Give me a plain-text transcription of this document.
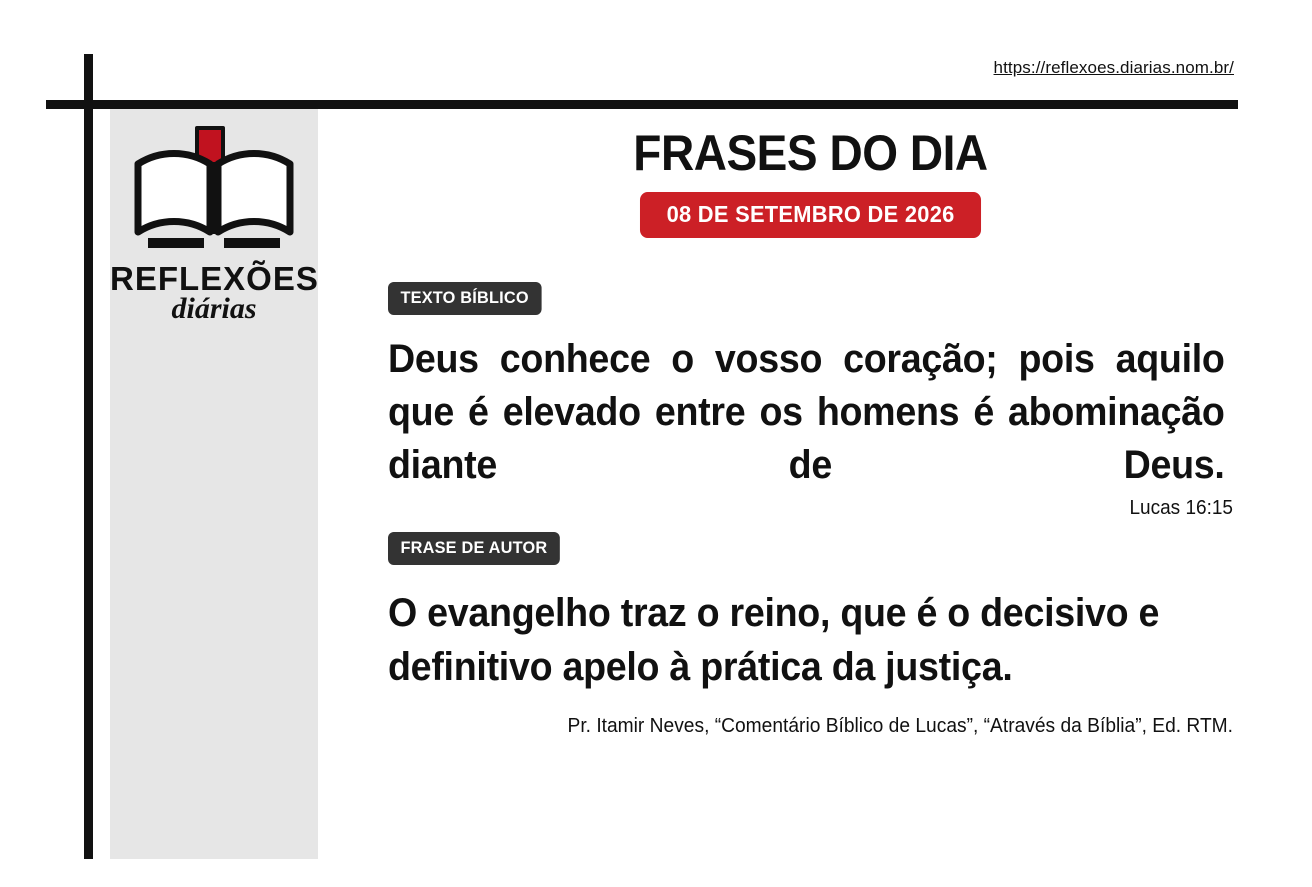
https://reflexoes.diarias.nom.br/
REFLEXÕES
diárias
FRASES DO DIA
08 DE SETEMBRO DE 2026
TEXTO BÍBLICO
Deus conhece o vosso coração; pois aquilo que é elevado entre os homens é abominação diante de Deus.
Lucas 16:15
FRASE DE AUTOR
O evangelho traz o reino, que é o decisivo e definitivo apelo à prática da justiça.
Pr. Itamir Neves, “Comentário Bíblico de Lucas”, “Através da Bíblia”, Ed. RTM.
